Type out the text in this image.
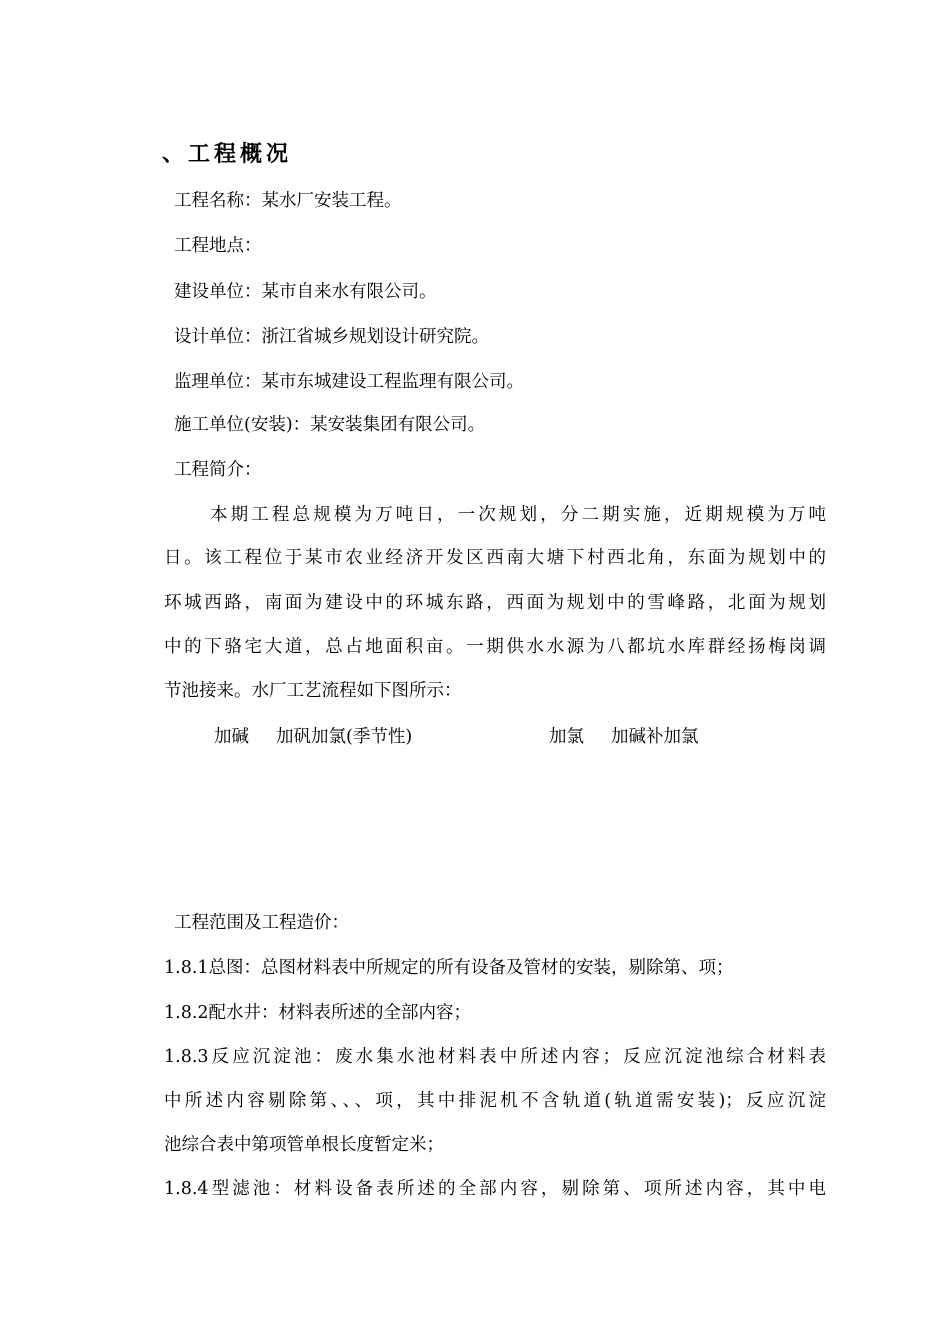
、工程概况
工程名称：某水厂安装工程。
工程地点：
建设单位：某市自来水有限公司。
设计单位：浙江省城乡规划设计研究院。
监理单位：某市东城建设工程监理有限公司。
施工单位(安装)：某安装集团有限公司。
工程简介：
本期工程总规模为万吨日，一次规划，分二期实施，近期规模为万吨
日。该工程位于某市农业经济开发区西南大塘下村西北角，东面为规划中的
环城西路，南面为建设中的环城东路，西面为规划中的雪峰路，北面为规划
中的下骆宅大道，总占地面积亩。一期供水水源为八都坑水库群经扬梅岗调
节池接来。水厂工艺流程如下图所示：
加碱 加矾加氯(季节性)	加氯 加碱补加氯
工程范围及工程造价：
1.8.1总图：总图材料表中所规定的所有设备及管材的安装，剔除第、项；
1.8.2配水井：材料表所述的全部内容；
1.8.3反应沉淀池：废水集水池材料表中所述内容；反应沉淀池综合材料表
中所述内容剔除第、、、项，其中排泥机不含轨道(轨道需安装)；反应沉淀
池综合表中第项管单根长度暂定米；
1.8.4型滤池：材料设备表所述的全部内容，剔除第、项所述内容，其中电
